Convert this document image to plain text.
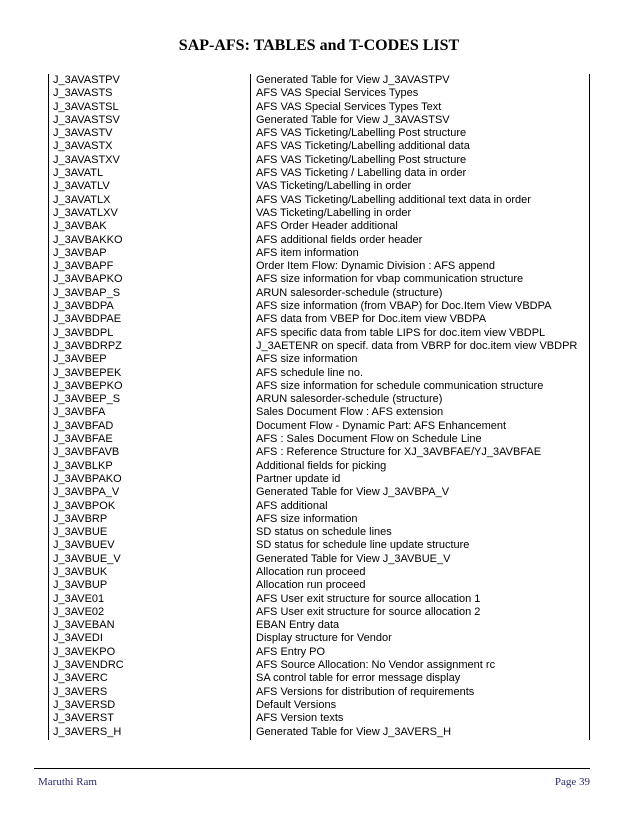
SAP-AFS: TABLES and T-CODES LIST
J_3AVASTPV	Generated Table for View J_3AVASTPV
J_3AVASTS	AFS VAS Special Services Types
J_3AVASTSL	AFS VAS Special Services Types Text
J_3AVASTSV	Generated Table for View J_3AVASTSV
J_3AVASTV	AFS VAS Ticketing/Labelling Post structure
J_3AVASTX	AFS VAS Ticketing/Labelling additional data
J_3AVASTXV	AFS VAS Ticketing/Labelling Post structure
J_3AVATL	AFS VAS Ticketing / Labelling data in order
J_3AVATLV	VAS Ticketing/Labelling in order
J_3AVATLX	AFS VAS Ticketing/Labelling additional text data in order
J_3AVATLXV	VAS Ticketing/Labelling in order
J_3AVBAK	AFS Order Header additional
J_3AVBAKKO	AFS additional fields order header
J_3AVBAP	AFS item information
J_3AVBAPF	Order Item Flow: Dynamic Division : AFS append
J_3AVBAPKO	AFS size information for vbap communication structure
J_3AVBAP_S	ARUN salesorder-schedule (structure)
J_3AVBDPA	AFS size information (from VBAP) for Doc.Item View VBDPA
J_3AVBDPAE	AFS data from VBEP for Doc.item view VBDPA
J_3AVBDPL	AFS specific data from table LIPS for doc.item view VBDPL
J_3AVBDRPZ	J_3AETENR on specif. data from VBRP for doc.item view VBDPR
J_3AVBEP	AFS size information
J_3AVBEPEK	AFS schedule line no.
J_3AVBEPKO	AFS size information for schedule communication structure
J_3AVBEP_S	ARUN salesorder-schedule (structure)
J_3AVBFA	Sales Document Flow : AFS extension
J_3AVBFAD	Document Flow - Dynamic Part: AFS Enhancement
J_3AVBFAE	AFS : Sales Document Flow on Schedule Line
J_3AVBFAVB	AFS : Reference Structure for XJ_3AVBFAE/YJ_3AVBFAE
J_3AVBLKP	Additional fields for picking
J_3AVBPAKO	Partner update id
J_3AVBPA_V	Generated Table for View J_3AVBPA_V
J_3AVBPOK	AFS additional
J_3AVBRP	AFS size information
J_3AVBUE	SD status on schedule lines
J_3AVBUEV	SD status for schedule line update structure
J_3AVBUE_V	Generated Table for View J_3AVBUE_V
J_3AVBUK	Allocation run proceed
J_3AVBUP	Allocation run proceed
J_3AVE01	AFS User exit structure for source allocation 1
J_3AVE02	AFS User exit structure for source allocation 2
J_3AVEBAN	EBAN Entry data
J_3AVEDI	Display structure for Vendor
J_3AVEKPO	AFS Entry PO
J_3AVENDRC	AFS Source Allocation: No Vendor assignment rc
J_3AVERC	SA control table for error message display
J_3AVERS	AFS Versions for distribution of requirements
J_3AVERSD	Default Versions
J_3AVERST	AFS Version texts
J_3AVERS_H	Generated Table for View J_3AVERS_H
Maruthi Ram	Page 39
